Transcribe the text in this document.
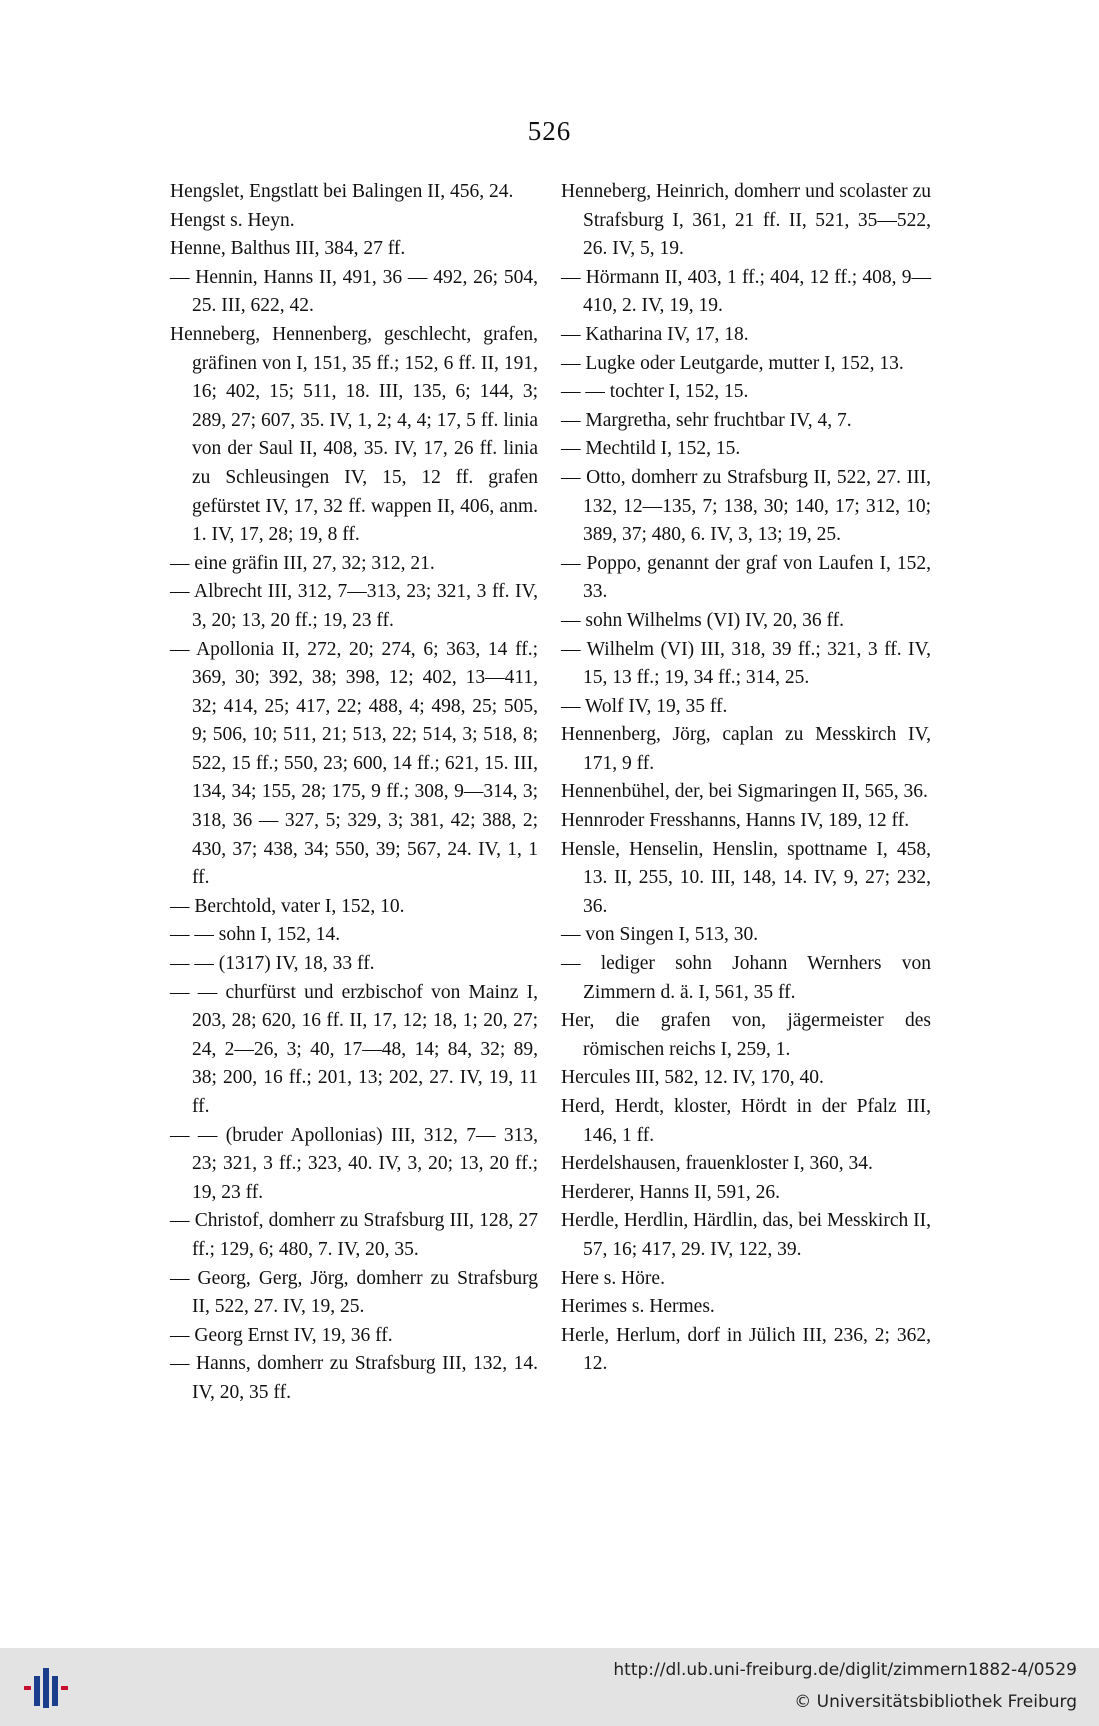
526

Hengslet, Engstlatt bei Balingen II, 456, 24.

Hengst s. Heyn.

Henne, Balthus III, 384, 27 ff.

— Hennin, Hanns II, 491, 36 — 492, 26; 504, 25. III, 622, 42.

Henneberg, Hennenberg, geschlecht, grafen, gräfinen von I, 151, 35 ff.; 152, 6 ff. II, 191, 16; 402, 15; 511, 18. III, 135, 6; 144, 3; 289, 27; 607, 35. IV, 1, 2; 4, 4; 17, 5 ff. linia von der Saul II, 408, 35. IV, 17, 26 ff. linia zu Schleusingen IV, 15, 12 ff. grafen gefürstet IV, 17, 32 ff. wappen II, 406, anm. 1. IV, 17, 28; 19, 8 ff.

— eine gräfin III, 27, 32; 312, 21.

— Albrecht III, 312, 7—313, 23; 321, 3 ff. IV, 3, 20; 13, 20 ff.; 19, 23 ff.

— Apollonia II, 272, 20; 274, 6; 363, 14 ff.; 369, 30; 392, 38; 398, 12; 402, 13—411, 32; 414, 25; 417, 22; 488, 4; 498, 25; 505, 9; 506, 10; 511, 21; 513, 22; 514, 3; 518, 8; 522, 15 ff.; 550, 23; 600, 14 ff.; 621, 15. III, 134, 34; 155, 28; 175, 9 ff.; 308, 9—314, 3; 318, 36 — 327, 5; 329, 3; 381, 42; 388, 2; 430, 37; 438, 34; 550, 39; 567, 24. IV, 1, 1 ff.

— Berchtold, vater I, 152, 10.

— — sohn I, 152, 14.

— — (1317) IV, 18, 33 ff.

— — churfürst und erzbischof von Mainz I, 203, 28; 620, 16 ff. II, 17, 12; 18, 1; 20, 27; 24, 2—26, 3; 40, 17—48, 14; 84, 32; 89, 38; 200, 16 ff.; 201, 13; 202, 27. IV, 19, 11 ff.

— — (bruder Apollonias) III, 312, 7— 313, 23; 321, 3 ff.; 323, 40. IV, 3, 20; 13, 20 ff.; 19, 23 ff.

— Christof, domherr zu Strafsburg III, 128, 27 ff.; 129, 6; 480, 7. IV, 20, 35.

— Georg, Gerg, Jörg, domherr zu Strafsburg II, 522, 27. IV, 19, 25.

— Georg Ernst IV, 19, 36 ff.

— Hanns, domherr zu Strafsburg III, 132, 14. IV, 20, 35 ff.

Henneberg, Heinrich, domherr und scolaster zu Strafsburg I, 361, 21 ff. II, 521, 35—522, 26. IV, 5, 19.

— Hörmann II, 403, 1 ff.; 404, 12 ff.; 408, 9—410, 2. IV, 19, 19.

— Katharina IV, 17, 18.

— Lugke oder Leutgarde, mutter I, 152, 13.

— — tochter I, 152, 15.

— Margretha, sehr fruchtbar IV, 4, 7.

— Mechtild I, 152, 15.

— Otto, domherr zu Strafsburg II, 522, 27. III, 132, 12—135, 7; 138, 30; 140, 17; 312, 10; 389, 37; 480, 6. IV, 3, 13; 19, 25.

— Poppo, genannt der graf von Laufen I, 152, 33.

— sohn Wilhelms (VI) IV, 20, 36 ff.

— Wilhelm (VI) III, 318, 39 ff.; 321, 3 ff. IV, 15, 13 ff.; 19, 34 ff.; 314, 25.

— Wolf IV, 19, 35 ff.

Hennenberg, Jörg, caplan zu Messkirch IV, 171, 9 ff.

Hennenbühel, der, bei Sigmaringen II, 565, 36.

Hennroder Fresshanns, Hanns IV, 189, 12 ff.

Hensle, Henselin, Henslin, spottname I, 458, 13. II, 255, 10. III, 148, 14. IV, 9, 27; 232, 36.

— von Singen I, 513, 30.

— lediger sohn Johann Wernhers von Zimmern d. ä. I, 561, 35 ff.

Her, die grafen von, jägermeister des römischen reichs I, 259, 1.

Hercules III, 582, 12. IV, 170, 40.

Herd, Herdt, kloster, Hördt in der Pfalz III, 146, 1 ff.

Herdelshausen, frauenkloster I, 360, 34.

Herderer, Hanns II, 591, 26.

Herdle, Herdlin, Härdlin, das, bei Messkirch II, 57, 16; 417, 29. IV, 122, 39.

Here s. Höre.

Herimes s. Hermes.

Herle, Herlum, dorf in Jülich III, 236, 2; 362, 12.

http://dl.ub.uni-freiburg.de/diglit/zimmern1882-4/0529
© Universitätsbibliothek Freiburg
